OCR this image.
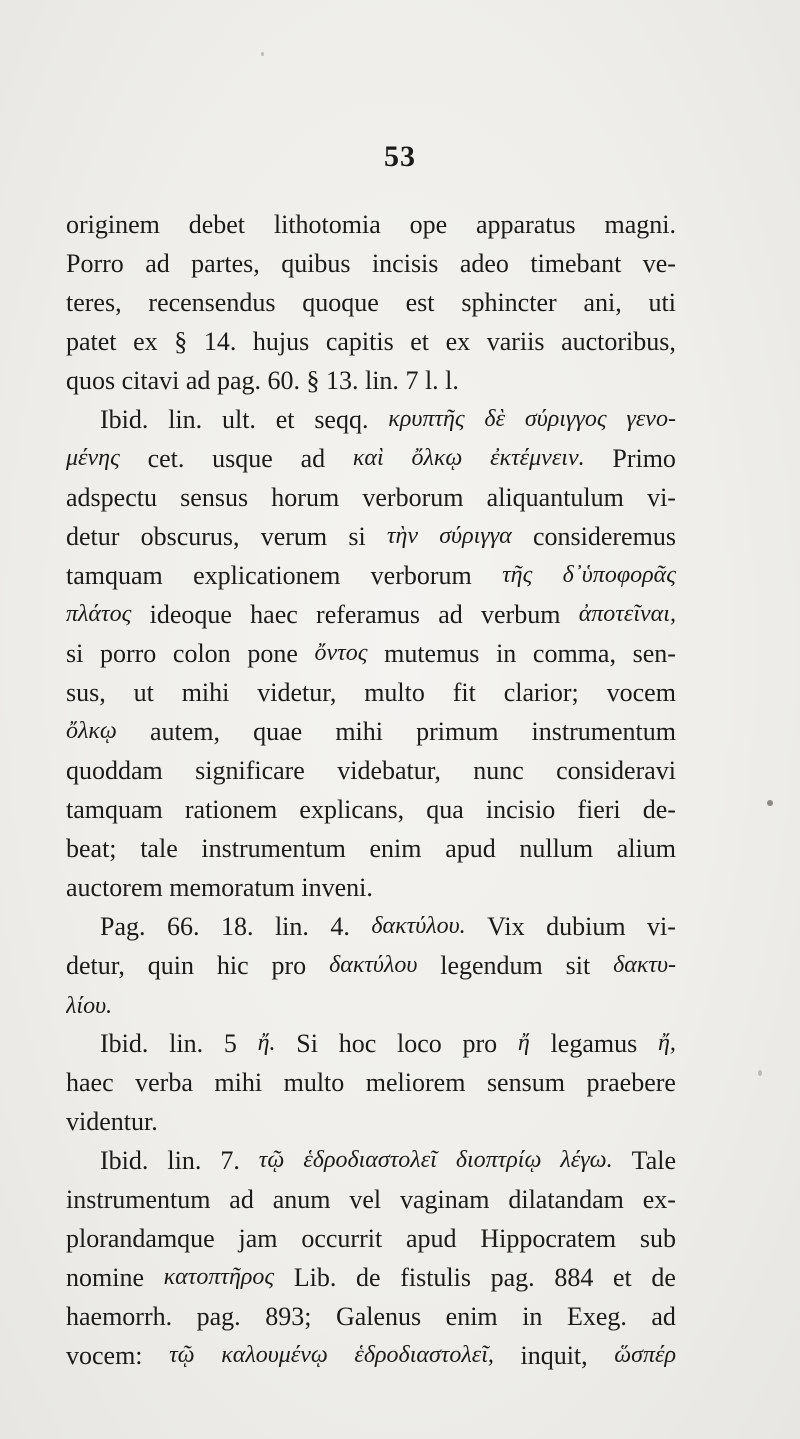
53
originem debet lithotomia ope apparatus magni.
Porro ad partes, quibus incisis adeo timebant ve-
teres, recensendus quoque est sphincter ani, uti
patet ex § 14. hujus capitis et ex variis auctoribus,
quos citavi ad pag. 60. § 13. lin. 7 l. l.
Ibid. lin. ult. et seqq. κρυπτῆς δὲ σύριγγος γενο-
μένης cet. usque ad καὶ ὄλκῳ ἐκτέμνειν. Primo
adspectu sensus horum verborum aliquantulum vi-
detur obscurus, verum si τὴν σύριγγα consideremus
tamquam explicationem verborum τῆς δ᾽ὑποφορᾶς
πλάτος ideoque haec referamus ad verbum ἀποτεῖναι,
si porro colon pone ὄντος mutemus in comma, sen-
sus, ut mihi videtur, multo fit clarior; vocem
ὄλκῳ autem, quae mihi primum instrumentum
quoddam significare videbatur, nunc consideravi
tamquam rationem explicans, qua incisio fieri de-
beat; tale instrumentum enim apud nullum alium
auctorem memoratum inveni.
Pag. 66. 18. lin. 4. δακτύλου. Vix dubium vi-
detur, quin hic pro δακτύλου legendum sit δακτυ-
λίου.
Ibid. lin. 5 ἤ. Si hoc loco pro ἤ legamus ἤ,
haec verba mihi multo meliorem sensum praebere
videntur.
Ibid. lin. 7. τῷ ἑδροδιαστολεῖ διοπτρίῳ λέγω. Tale
instrumentum ad anum vel vaginam dilatandam ex-
plorandamque jam occurrit apud Hippocratem sub
nomine κατοπτῆρος Lib. de fistulis pag. 884 et de
haemorrh. pag. 893; Galenus enim in Exeg. ad
vocem: τῷ καλουμένῳ ἑδροδιαστολεῖ, inquit, ὥσπέρ
